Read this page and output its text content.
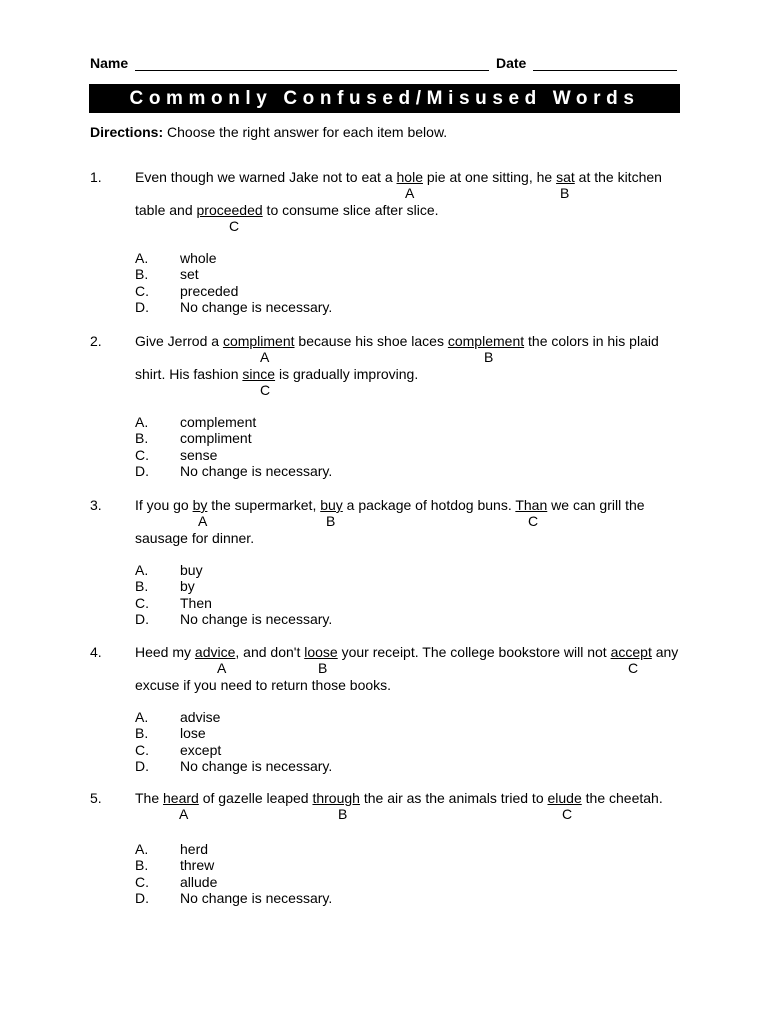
Name	Date
Commonly Confused/Misused Words
Directions: Choose the right answer for each item below.
1. Even though we warned Jake not to eat a hole pie at one sitting, he sat at the kitchen
table and proceeded to consume slice after slice.
A	B
C
A. whole
B. set
C. preceded
D. No change is necessary.
2. Give Jerrod a compliment because his shoe laces complement the colors in his plaid
shirt. His fashion since is gradually improving.
A	B
C
A. complement
B. compliment
C. sense
D. No change is necessary.
3. If you go by the supermarket, buy a package of hotdog buns. Than we can grill the
sausage for dinner.
A	B	C
A. buy
B. by
C. Then
D. No change is necessary.
4. Heed my advice, and don't loose your receipt. The college bookstore will not accept any
excuse if you need to return those books.
A	B	C
A. advise
B. lose
C. except
D. No change is necessary.
5. The heard of gazelle leaped through the air as the animals tried to elude the cheetah.
A	B	C
A. herd
B. threw
C. allude
D. No change is necessary.
